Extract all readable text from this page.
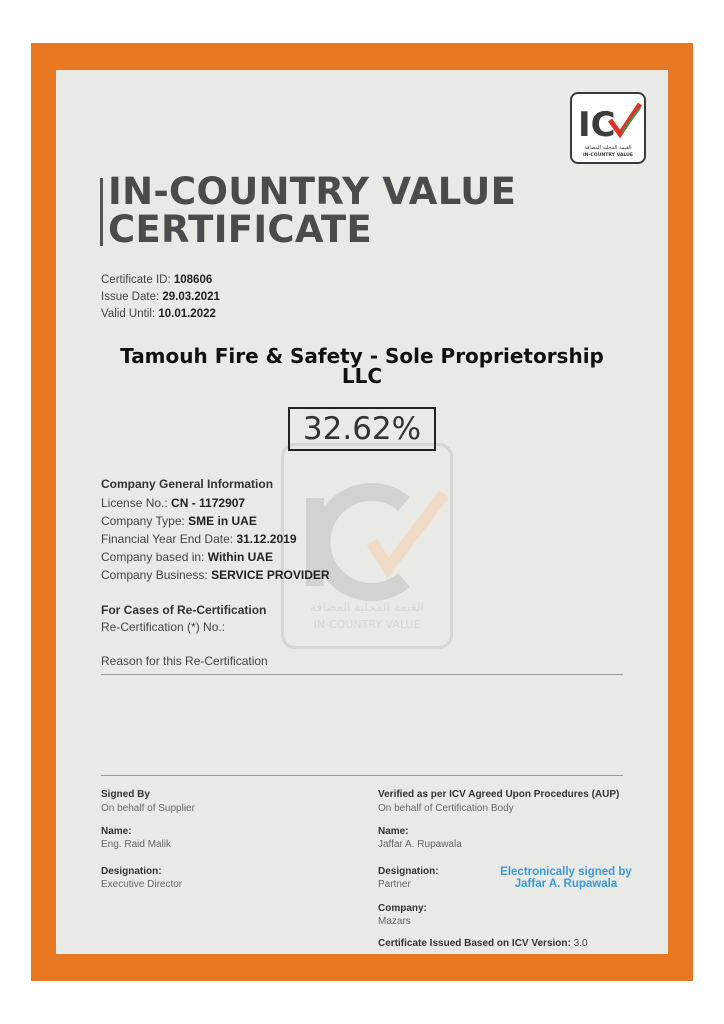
القيمة المحلية المضافة
IN-COUNTRY VALUE
IC
القيمة المحلية المضافة
IN-COUNTRY VALUE
IN-COUNTRY VALUE
CERTIFICATE
Certificate ID: 108606
Issue Date: 29.03.2021
Valid Until: 10.01.2022
Tamouh Fire & Safety - Sole Proprietorship
LLC
32.62%
Company General Information
License No.: CN - 1172907
Company Type: SME in UAE
Financial Year End Date: 31.12.2019
Company based in: Within UAE
Company Business: SERVICE PROVIDER
For Cases of Re-Certification
Re-Certification (*) No.:
Reason for this Re-Certification
Signed By
On behalf of Supplier
Name:
Eng. Raid Malik
Designation:
Executive Director
Verified as per ICV Agreed Upon Procedures (AUP)
On behalf of Certification Body
Name:
Jaffar A. Rupawala
Designation:
Partner
Electronically signed by
Jaffar A. Rupawala
Company:
Mazars
Certificate Issued Based on ICV Version: 3.0
